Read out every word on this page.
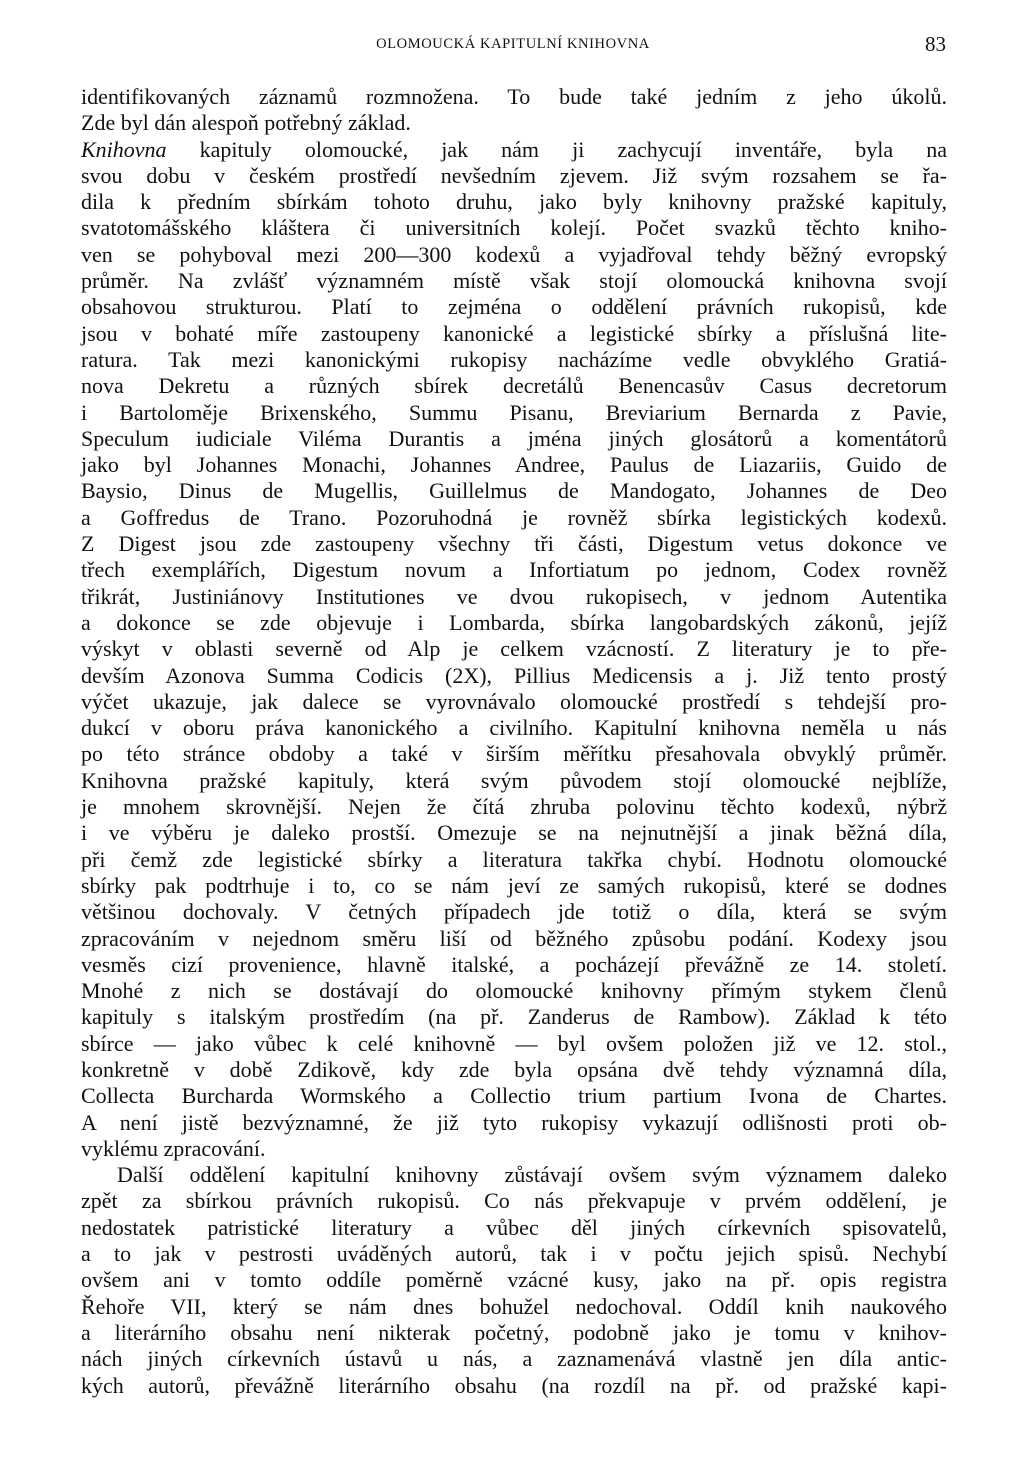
OLOMOUCKÁ KAPITULNÍ KNIHOVNA	83
identifikovaných záznamů rozmnožena. To bude také jedním z jeho úkolů.
Zde byl dán alespoň potřebný základ.
Knihovna kapituly olomoucké, jak nám ji zachycují inventáře, byla na
svou dobu v českém prostředí nevšedním zjevem. Již svým rozsahem se řa-
dila k předním sbírkám tohoto druhu, jako byly knihovny pražské kapituly,
svatotomášského kláštera či universitních kolejí. Počet svazků těchto kniho-
ven se pohyboval mezi 200—300 kodexů a vyjadřoval tehdy běžný evropský
průměr. Na zvlášť významném místě však stojí olomoucká knihovna svojí
obsahovou strukturou. Platí to zejména o oddělení právních rukopisů, kde
jsou v bohaté míře zastoupeny kanonické a legistické sbírky a příslušná lite-
ratura. Tak mezi kanonickými rukopisy nacházíme vedle obvyklého Gratiá-
nova Dekretu a různých sbírek decretálů Benencasův Casus decretorum
i Bartoloměje Brixenského, Summu Pisanu, Breviarium Bernarda z Pavie,
Speculum iudiciale Viléma Durantis a jména jiných glosátorů a komentátorů
jako byl Johannes Monachi, Johannes Andree, Paulus de Liazariis, Guido de
Baysio, Dinus de Mugellis, Guillelmus de Mandogato, Johannes de Deo
a Goffredus de Trano. Pozoruhodná je rovněž sbírka legistických kodexů.
Z Digest jsou zde zastoupeny všechny tři části, Digestum vetus dokonce ve
třech exemplářích, Digestum novum a Infortiatum po jednom, Codex rovněž
třikrát, Justiniánovy Institutiones ve dvou rukopisech, v jednom Autentika
a dokonce se zde objevuje i Lombarda, sbírka langobardských zákonů, jejíž
výskyt v oblasti severně od Alp je celkem vzácností. Z literatury je to pře-
devším Azonova Summa Codicis (2X), Pillius Medicensis a j. Již tento prostý
výčet ukazuje, jak dalece se vyrovnávalo olomoucké prostředí s tehdejší pro-
dukcí v oboru práva kanonického a civilního. Kapitulní knihovna neměla u nás
po této stránce obdoby a také v širším měřítku přesahovala obvyklý průměr.
Knihovna pražské kapituly, která svým původem stojí olomoucké nejblíže,
je mnohem skrovnější. Nejen že čítá zhruba polovinu těchto kodexů, nýbrž
i ve výběru je daleko prostší. Omezuje se na nejnutnější a jinak běžná díla,
při čemž zde legistické sbírky a literatura takřka chybí. Hodnotu olomoucké
sbírky pak podtrhuje i to, co se nám jeví ze samých rukopisů, které se dodnes
většinou dochovaly. V četných případech jde totiž o díla, která se svým
zpracováním v nejednom směru liší od běžného způsobu podání. Kodexy jsou
vesměs cizí provenience, hlavně italské, a pocházejí převážně ze 14. století.
Mnohé z nich se dostávají do olomoucké knihovny přímým stykem členů
kapituly s italským prostředím (na př. Zanderus de Rambow). Základ k této
sbírce — jako vůbec k celé knihovně — byl ovšem položen již ve 12. stol.,
konkretně v době Zdikově, kdy zde byla opsána dvě tehdy významná díla,
Collecta Burcharda Wormského a Collectio trium partium Ivona de Chartes.
A není jistě bezvýznamné, že již tyto rukopisy vykazují odlišnosti proti ob-
vyklému zpracování.
Další oddělení kapitulní knihovny zůstávají ovšem svým významem daleko
zpět za sbírkou právních rukopisů. Co nás překvapuje v prvém oddělení, je
nedostatek patristické literatury a vůbec děl jiných církevních spisovatelů,
a to jak v pestrosti uváděných autorů, tak i v počtu jejich spisů. Nechybí
ovšem ani v tomto oddíle poměrně vzácné kusy, jako na př. opis registra
Řehoře VII, který se nám dnes bohužel nedochoval. Oddíl knih naukového
a literárního obsahu není nikterak početný, podobně jako je tomu v knihov-
nách jiných církevních ústavů u nás, a zaznamenává vlastně jen díla antic-
kých autorů, převážně literárního obsahu (na rozdíl na př. od pražské kapi-
